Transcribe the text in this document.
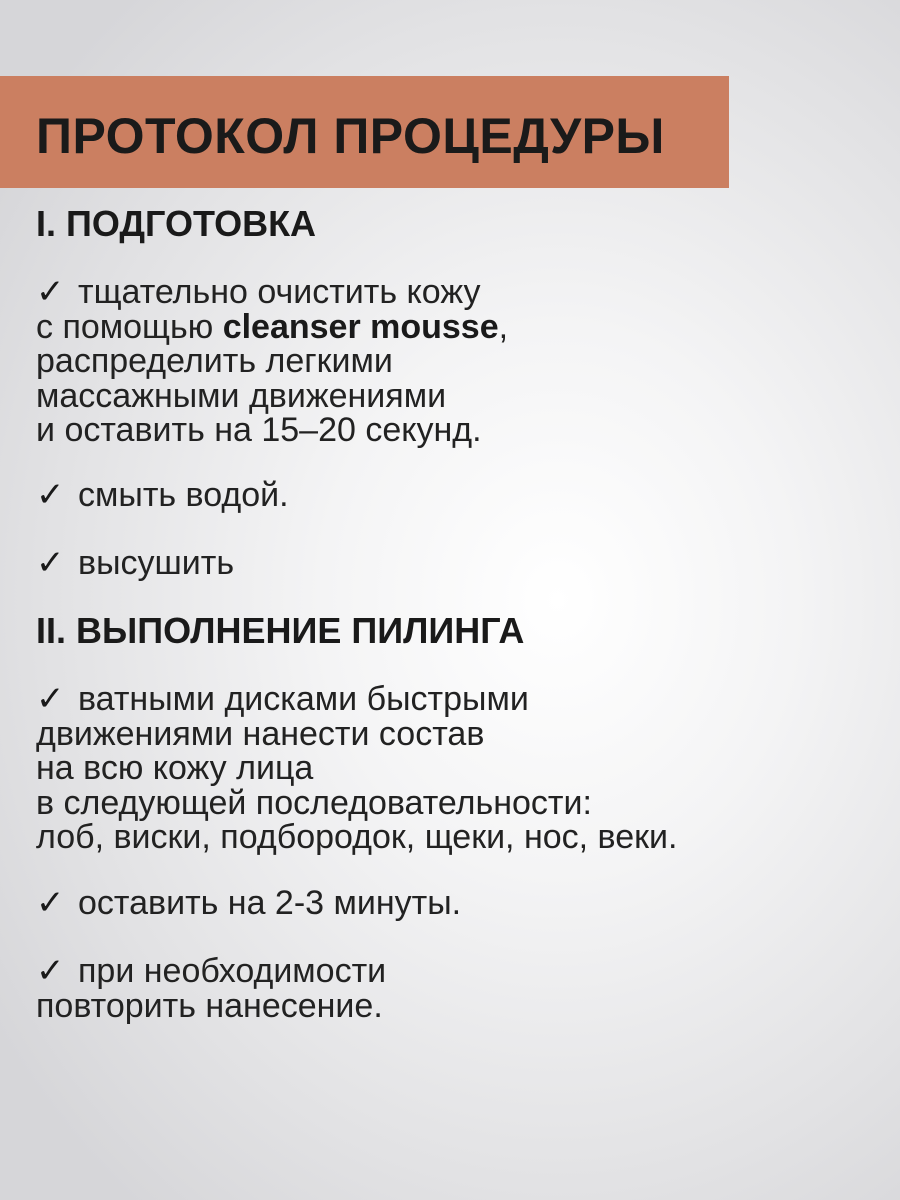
ПРОТОКОЛ ПРОЦЕДУРЫ
I. ПОДГОТОВКА
✓ тщательно очистить кожу
с помощью cleanser mousse,
распределить легкими
массажными движениями
и оставить на 15–20 секунд.
✓ смыть водой.
✓ высушить
II. ВЫПОЛНЕНИЕ ПИЛИНГА
✓ ватными дисками быстрыми
движениями нанести состав
на всю кожу лица
в следующей последовательности:
лоб, виски, подбородок, щеки, нос, веки.
✓ оставить на 2-3 минуты.
✓ при необходимости
повторить нанесение.
